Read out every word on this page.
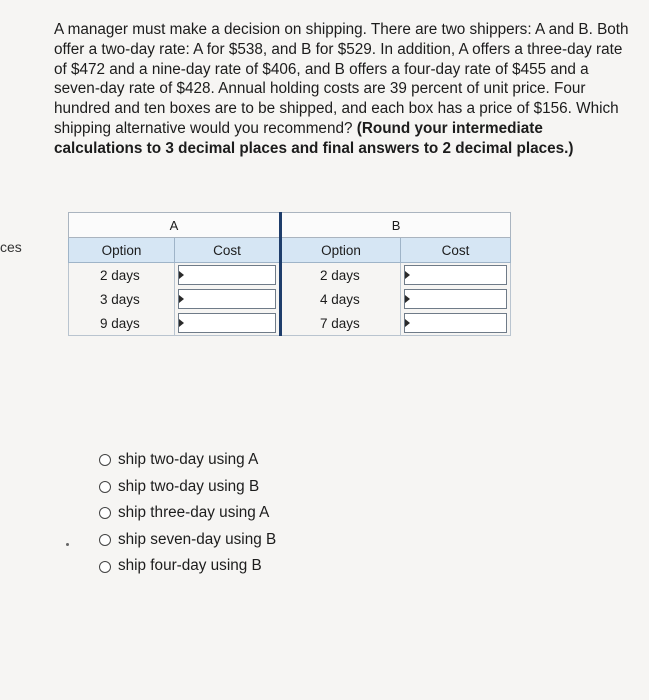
ces
A manager must make a decision on shipping. There are two shippers: A and B. Both offer a two-day rate: A for $538, and B for $529. In addition, A offers a three-day rate of $472 and a nine-day rate of $406, and B offers a four-day rate of $455 and a seven-day rate of $428. Annual holding costs are 39 percent of unit price. Four hundred and ten boxes are to be shipped, and each box has a price of $156. Which shipping alternative would you recommend? (Round your intermediate calculations to 3 decimal places and final answers to 2 decimal places.)
A		B	
Option	Cost	Option	Cost
2 days		2 days	

3 days		4 days	

9 days		7 days	
ship two-day using A
ship two-day using B
ship three-day using A
ship seven-day using B
ship four-day using B
